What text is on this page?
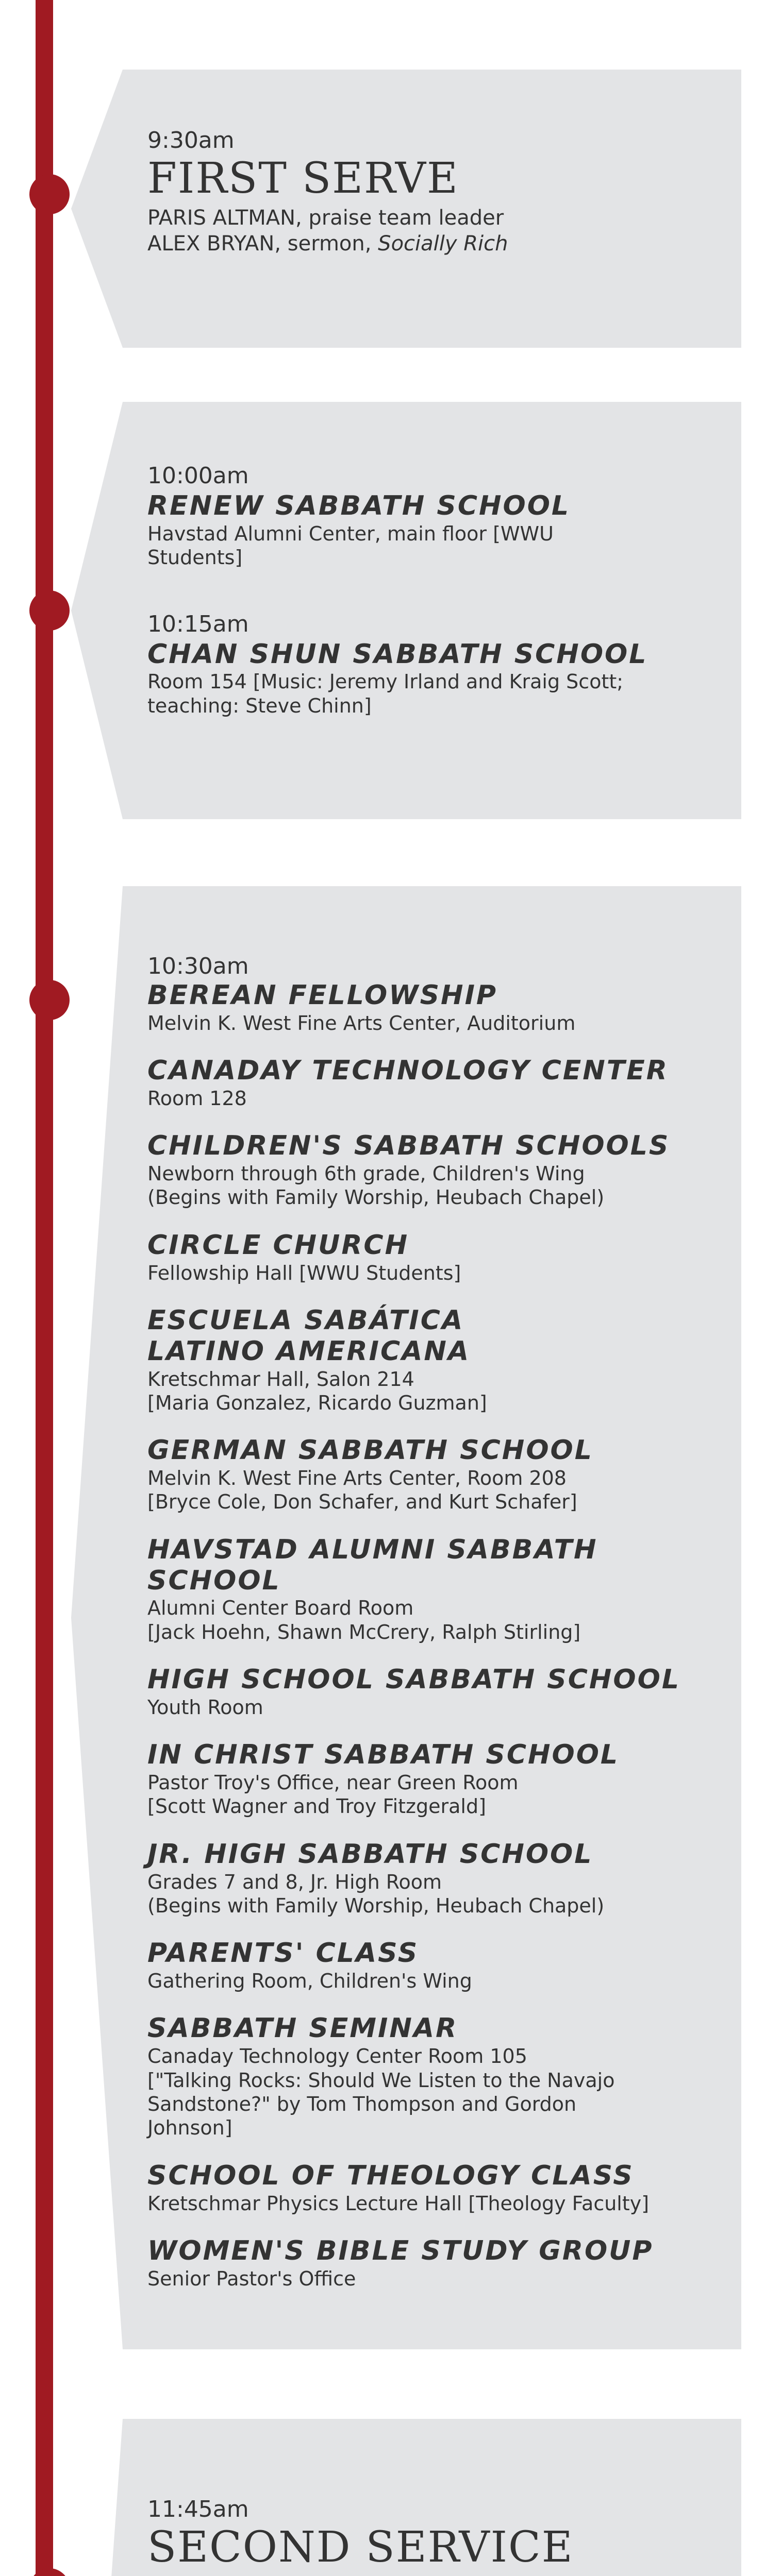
9:30am
FIRST SERVE
PARIS ALTMAN, praise team leader
ALEX BRYAN, sermon, Socially Rich
10:00am
RENEW SABBATH SCHOOL
Havstad Alumni Center, main floor [WWU
Students]
10:15am
CHAN SHUN SABBATH SCHOOL
Room 154 [Music: Jeremy Irland and Kraig Scott;
teaching: Steve Chinn]
10:30am
BEREAN FELLOWSHIP
Melvin K. West Fine Arts Center, Auditorium
CANADAY TECHNOLOGY CENTER
Room 128
CHILDREN'S SABBATH SCHOOLS
Newborn through 6th grade, Children's Wing
(Begins with Family Worship, Heubach Chapel)
CIRCLE CHURCH
Fellowship Hall [WWU Students]
ESCUELA SABÁTICA
LATINO AMERICANA
Kretschmar Hall, Salon 214
[Maria Gonzalez, Ricardo Guzman]
GERMAN SABBATH SCHOOL
Melvin K. West Fine Arts Center, Room 208
[Bryce Cole, Don Schafer, and Kurt Schafer]
HAVSTAD ALUMNI SABBATH SCHOOL
Alumni Center Board Room
[Jack Hoehn, Shawn McCrery, Ralph Stirling]
HIGH SCHOOL SABBATH SCHOOL
Youth Room
IN CHRIST SABBATH SCHOOL
Pastor Troy's Office, near Green Room
[Scott Wagner and Troy Fitzgerald]
JR. HIGH SABBATH SCHOOL
Grades 7 and 8, Jr. High Room
(Begins with Family Worship, Heubach Chapel)
PARENTS' CLASS
Gathering Room, Children's Wing
SABBATH SEMINAR
Canaday Technology Center Room 105
["Talking Rocks: Should We Listen to the Navajo
Sandstone?" by Tom Thompson and Gordon
Johnson]
SCHOOL OF THEOLOGY CLASS
Kretschmar Physics Lecture Hall [Theology Faculty]
WOMEN'S BIBLE STUDY GROUP
Senior Pastor's Office
11:45am
SECOND SERVICE
